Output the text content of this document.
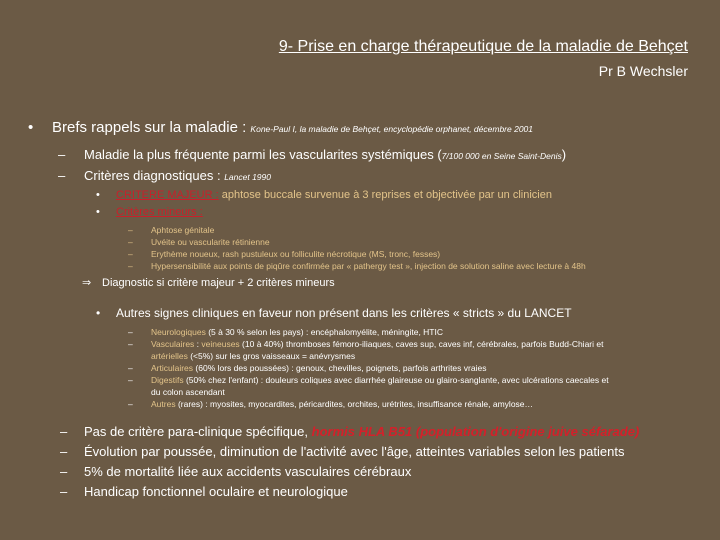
9- Prise en charge thérapeutique de la maladie de Behçet
Pr B Wechsler
• Brefs rappels sur la maladie : Kone-Paul I, la maladie de Behçet, encyclopédie orphanet, décembre 2001
– Maladie la plus fréquente parmi les vascularites systémiques (7/100 000 en Seine Saint-Denis)
– Critères diagnostiques : Lancet 1990
• CRITERE MAJEUR : aphtose buccale survenue à 3 reprises et objectivée par un clinicien
• Critères mineurs :
– Aphtose génitale
– Uvéite ou vascularite rétinienne
– Erythème noueux, rash pustuleux ou folliculite nécrotique (MS, tronc, fesses)
– Hypersensibilité aux points de piqûre confirmée par « pathergy test », injection de solution saline avec lecture à 48h
⇒ Diagnostic si critère majeur + 2 critères mineurs
• Autres signes cliniques en faveur non présent dans les critères « stricts » du LANCET
– Neurologiques (5 à 30 % selon les pays) : encéphalomyélite, méningite, HTIC
– Vasculaires : veineuses (10 à 40%) thromboses fémoro-iliaques, caves sup, caves inf, cérébrales, parfois Budd-Chiari et artérielles (<5%) sur les gros vaisseaux = anévrysmes
– Articulaires (60% lors des poussées) : genoux, chevilles, poignets, parfois arthrites vraies
– Digestifs (50% chez l'enfant) : douleurs coliques avec diarrhée glaireuse ou glairo-sanglante, avec ulcérations caecales et du colon ascendant
– Autres (rares) : myosites, myocardites, péricardites, orchites, urétrites, insuffisance rénale, amylose…
– Pas de critère para-clinique spécifique, hormis HLA B51 (population d'origine juive séfarade)
– Évolution par poussée, diminution de l'activité avec l'âge, atteintes variables selon les patients
– 5% de mortalité liée aux accidents vasculaires cérébraux
– Handicap fonctionnel oculaire et neurologique
